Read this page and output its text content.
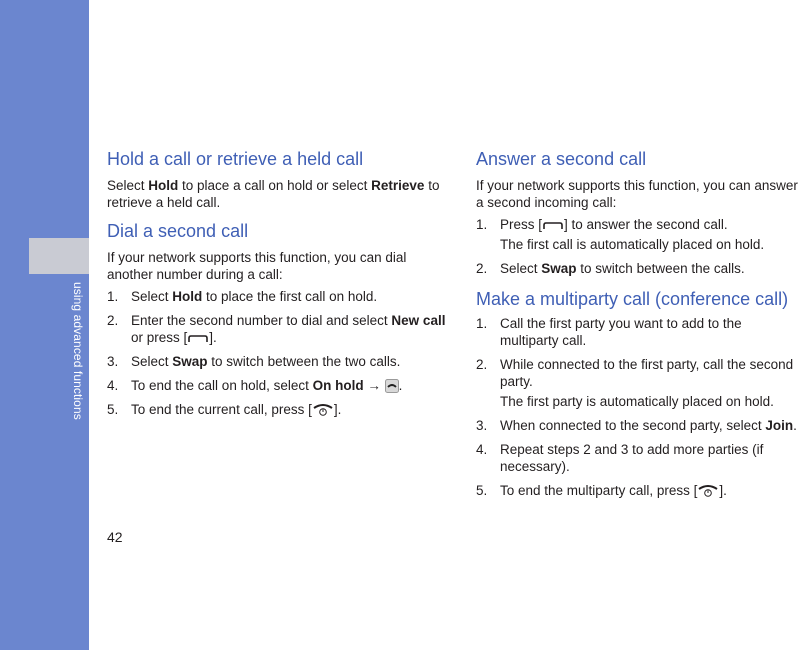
using advanced functions
42
Hold a call or retrieve a held call

Select Hold to place a call on hold or select Retrieve to retrieve a held call.

Dial a second call

If your network supports this function, you can dial another number during a call:

1. Select Hold to place the first call on hold.
2. Enter the second number to dial and select New call or press [ ].
3. Select Swap to switch between the two calls.
4. To end the call on hold, select On hold → .
5. To end the current call, press [ ].
Answer a second call

If your network supports this function, you can answer a second incoming call:

1. Press [ ] to answer the second call.
The first call is automatically placed on hold.
2. Select Swap to switch between the calls.
Make a multiparty call (conference call)
1. Call the first party you want to add to the multiparty call.
2. While connected to the first party, call the second party.
The first party is automatically placed on hold.
3. When connected to the second party, select Join.
4. Repeat steps 2 and 3 to add more parties (if necessary).
5. To end the multiparty call, press [ ].
